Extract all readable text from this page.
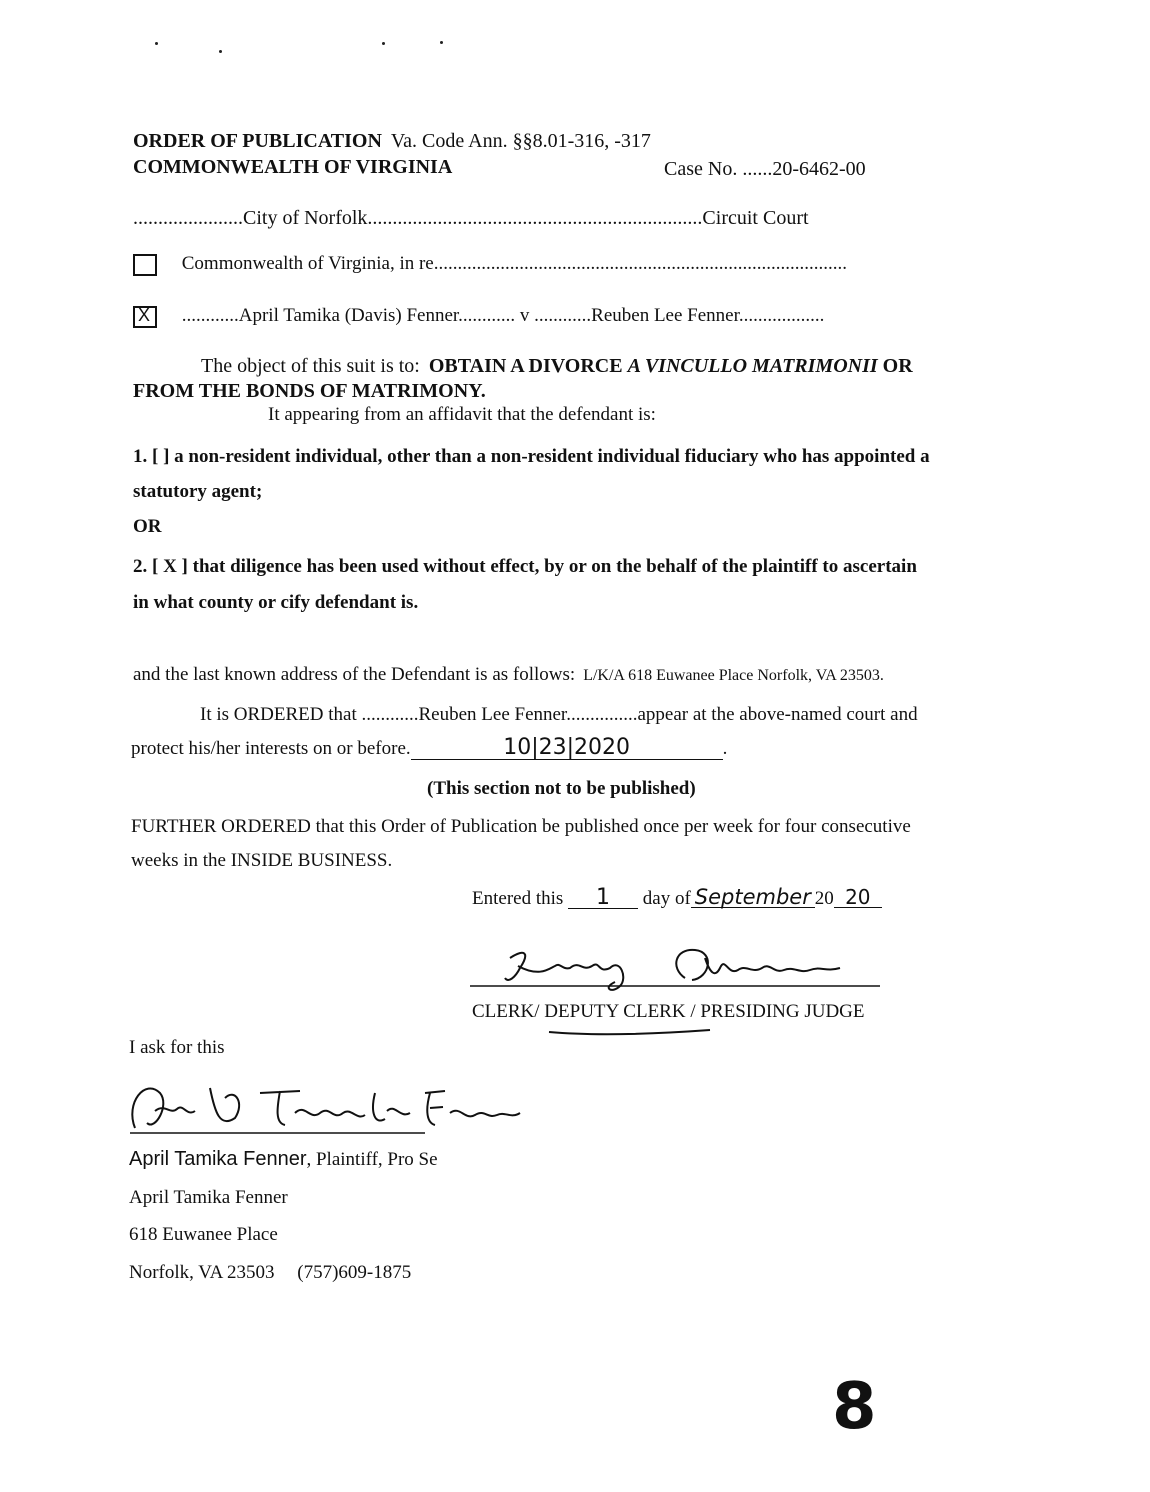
ORDER OF PUBLICATION Va. Code Ann. §§8.01-316, -317
COMMONWEALTH OF VIRGINIA	Case No. ......20-6462-00
......................City of Norfolk...................................................................Circuit Court
Commonwealth of Virginia, in re.......................................................................................
X ............April Tamika (Davis) Fenner............ v ............Reuben Lee Fenner..................
The object of this suit is to: OBTAIN A DIVORCE A VINCULLO MATRIMONII OR
FROM THE BONDS OF MATRIMONY.
It appearing from an affidavit that the defendant is:
1. [ ] a non-resident individual, other than a non-resident individual fiduciary who has appointed a
statutory agent;
OR
2. [ X ] that diligence has been used without effect, by or on the behalf of the plaintiff to ascertain
in what county or cify defendant is.
and the last known address of the Defendant is as follows: L/K/A 618 Euwanee Place Norfolk, VA 23503.
It is ORDERED that ............Reuben Lee Fenner...............appear at the above-named court and
protect his/her interests on or before.	10|23|2020	.
(This section not to be published)
FURTHER ORDERED that this Order of Publication be published once per week for four consecutive
weeks in the INSIDE BUSINESS.
Entered this 1 day of September 20 20
CLERK/ DEPUTY CLERK / PRESIDING JUDGE
I ask for this
April Tamika Fenner, Plaintiff, Pro Se
April Tamika Fenner
618 Euwanee Place
Norfolk, VA 23503 (757)609-1875
8
